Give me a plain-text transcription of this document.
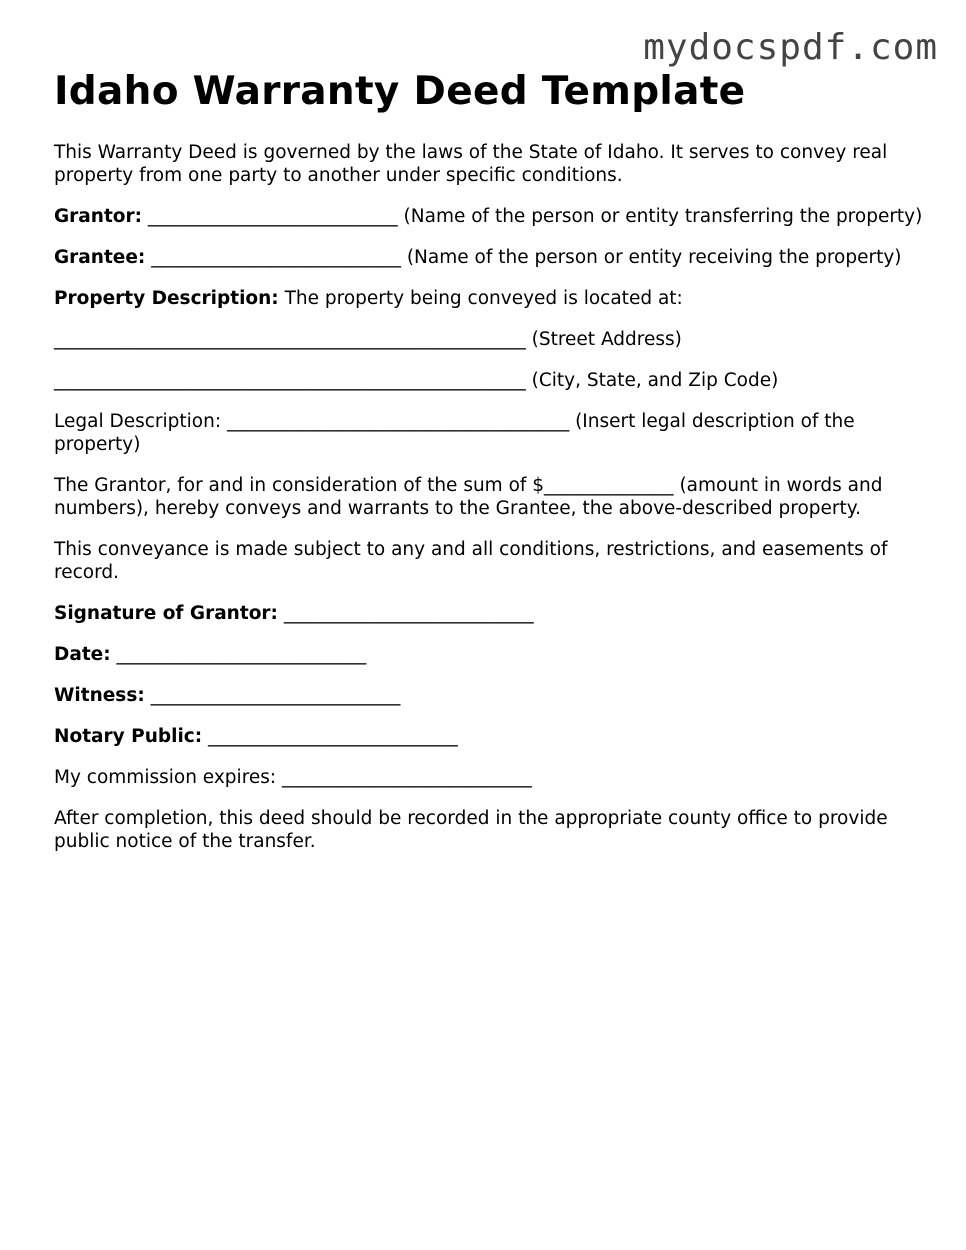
mydocspdf.com
Idaho Warranty Deed Template

This Warranty Deed is governed by the laws of the State of Idaho. It serves to convey real property from one party to another under specific conditions.

Grantor: ___________________________ (Name of the person or entity transferring the property)

Grantee: ___________________________ (Name of the person or entity receiving the property)

Property Description: The property being conveyed is located at:

___________________________________________________ (Street Address)

___________________________________________________ (City, State, and Zip Code)

Legal Description: _____________________________________ (Insert legal description of the property)

The Grantor, for and in consideration of the sum of $______________ (amount in words and numbers), hereby conveys and warrants to the Grantee, the above-described property.

This conveyance is made subject to any and all conditions, restrictions, and easements of record.

Signature of Grantor: ___________________________

Date: ___________________________

Witness: ___________________________

Notary Public: ___________________________

My commission expires: ___________________________

After completion, this deed should be recorded in the appropriate county office to provide public notice of the transfer.
